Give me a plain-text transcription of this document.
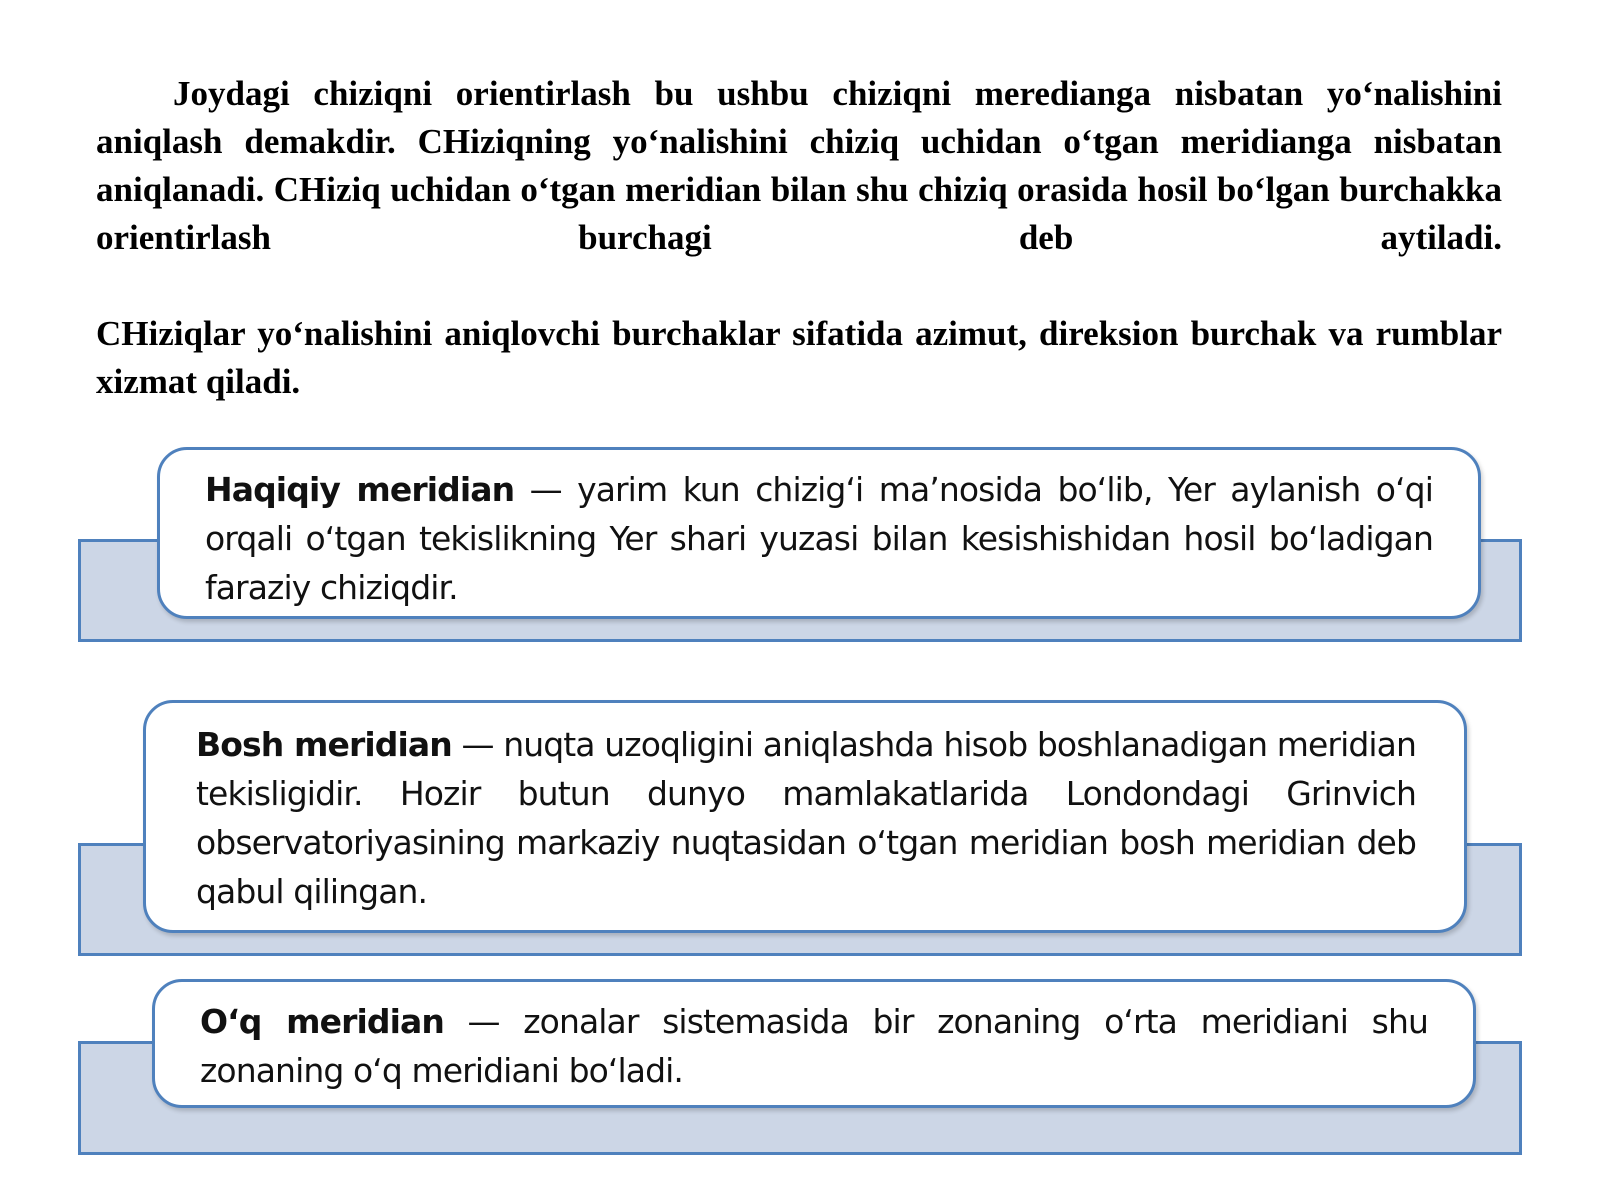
Joydagi chiziqni orientirlash bu ushbu chiziqni meredianga nisbatan yo‘nalishini aniqlash demakdir. CHiziqning yo‘nalishini chiziq uchidan o‘tgan meridianga nisbatan aniqlanadi. CHiziq uchidan o‘tgan meridian bilan shu chiziq orasida hosil bo‘lgan burchakka orientirlash burchagi deb aytiladi.

CHiziqlar yo‘nalishini aniqlovchi burchaklar sifatida azimut, direksion burchak va rumblar xizmat qiladi.

Haqiqiy meridian — yarim kun chizig‘i ma’nosida bo‘lib, Yer aylanish o‘qi orqali o‘tgan tekislikning Yer shari yuzasi bilan kesishishidan hosil bo‘ladigan faraziy chiziqdir.

Bosh meridian — nuqta uzoqligini aniqlashda hisob boshlanadigan meridian tekisligidir. Hozir butun dunyo mamlakatlarida Londondagi Grinvich observatoriyasining markaziy nuqtasidan o‘tgan meridian bosh meridian deb qabul qilingan.

O‘q meridian — zonalar sistemasida bir zonaning o‘rta meridiani shu zonaning o‘q meridiani bo‘ladi.
